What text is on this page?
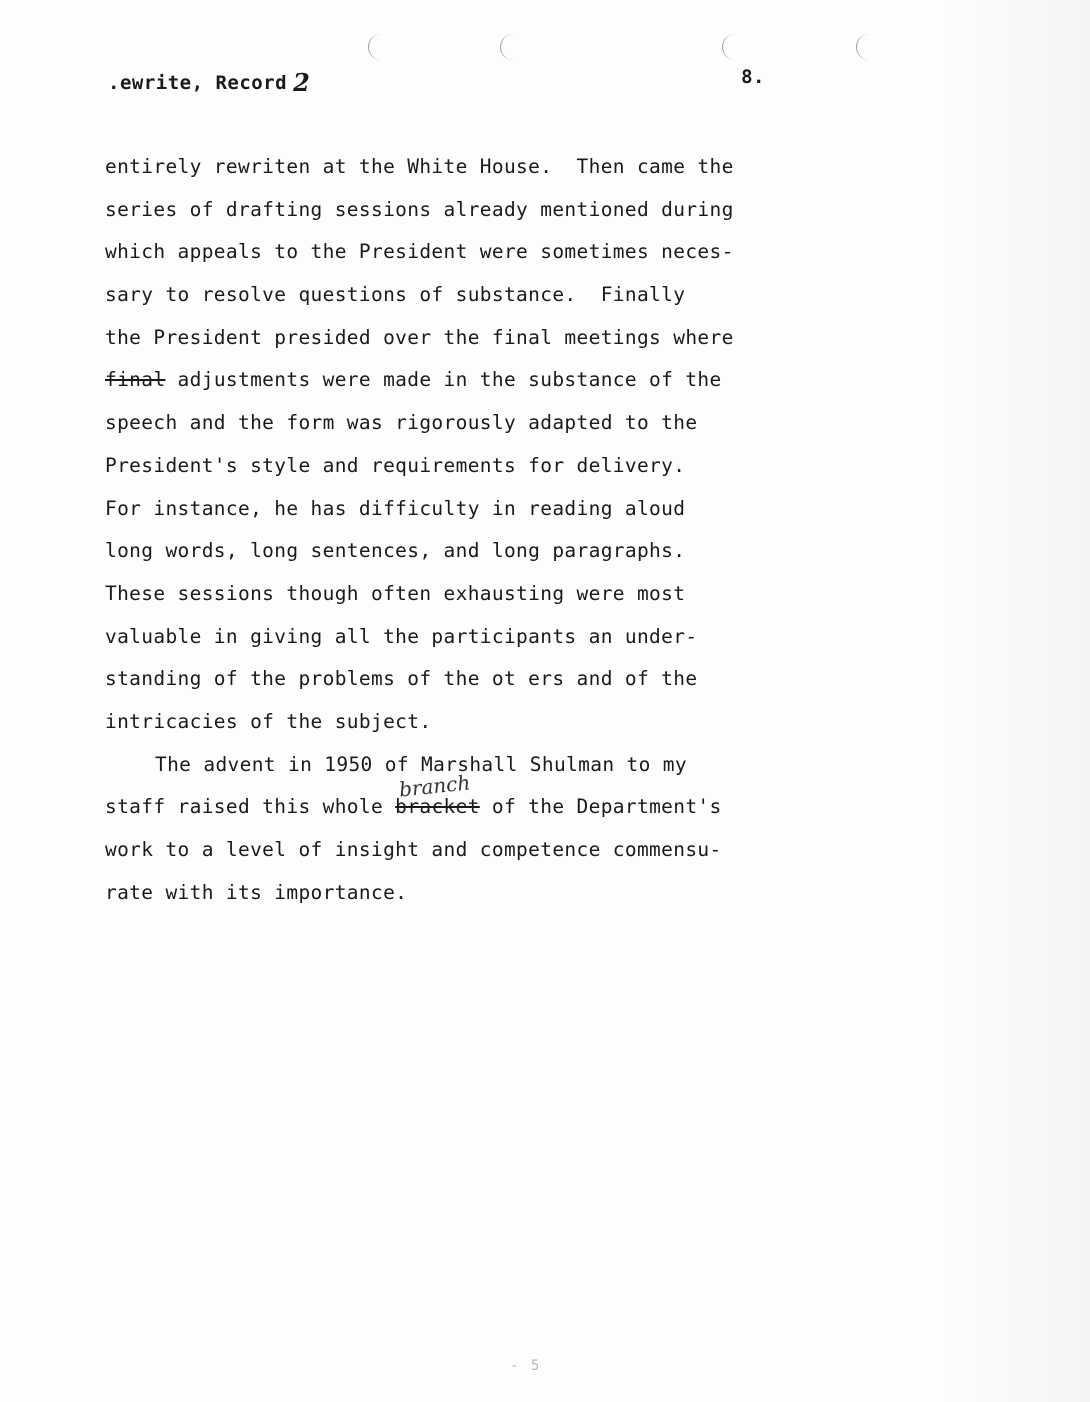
.ewrite, Record 2	8.
entirely rewriten at the White House.  Then came the
series of drafting sessions already mentioned during
which appeals to the President were sometimes neces-
sary to resolve questions of substance.  Finally
the President presided over the final meetings where
final adjustments were made in the substance of the
speech and the form was rigorously adapted to the
President's style and requirements for delivery.
For instance, he has difficulty in reading aloud
long words, long sentences, and long paragraphs.
These sessions though often exhausting were most
valuable in giving all the participants an under-
standing of the problems of the ot ers and of the
intricacies of the subject.
The advent in 1950 of Marshall Shulman to my
staff raised this whole
branch
bracket of the Department's
work to a level of insight and competence commensu-
rate with its importance.
- 5
